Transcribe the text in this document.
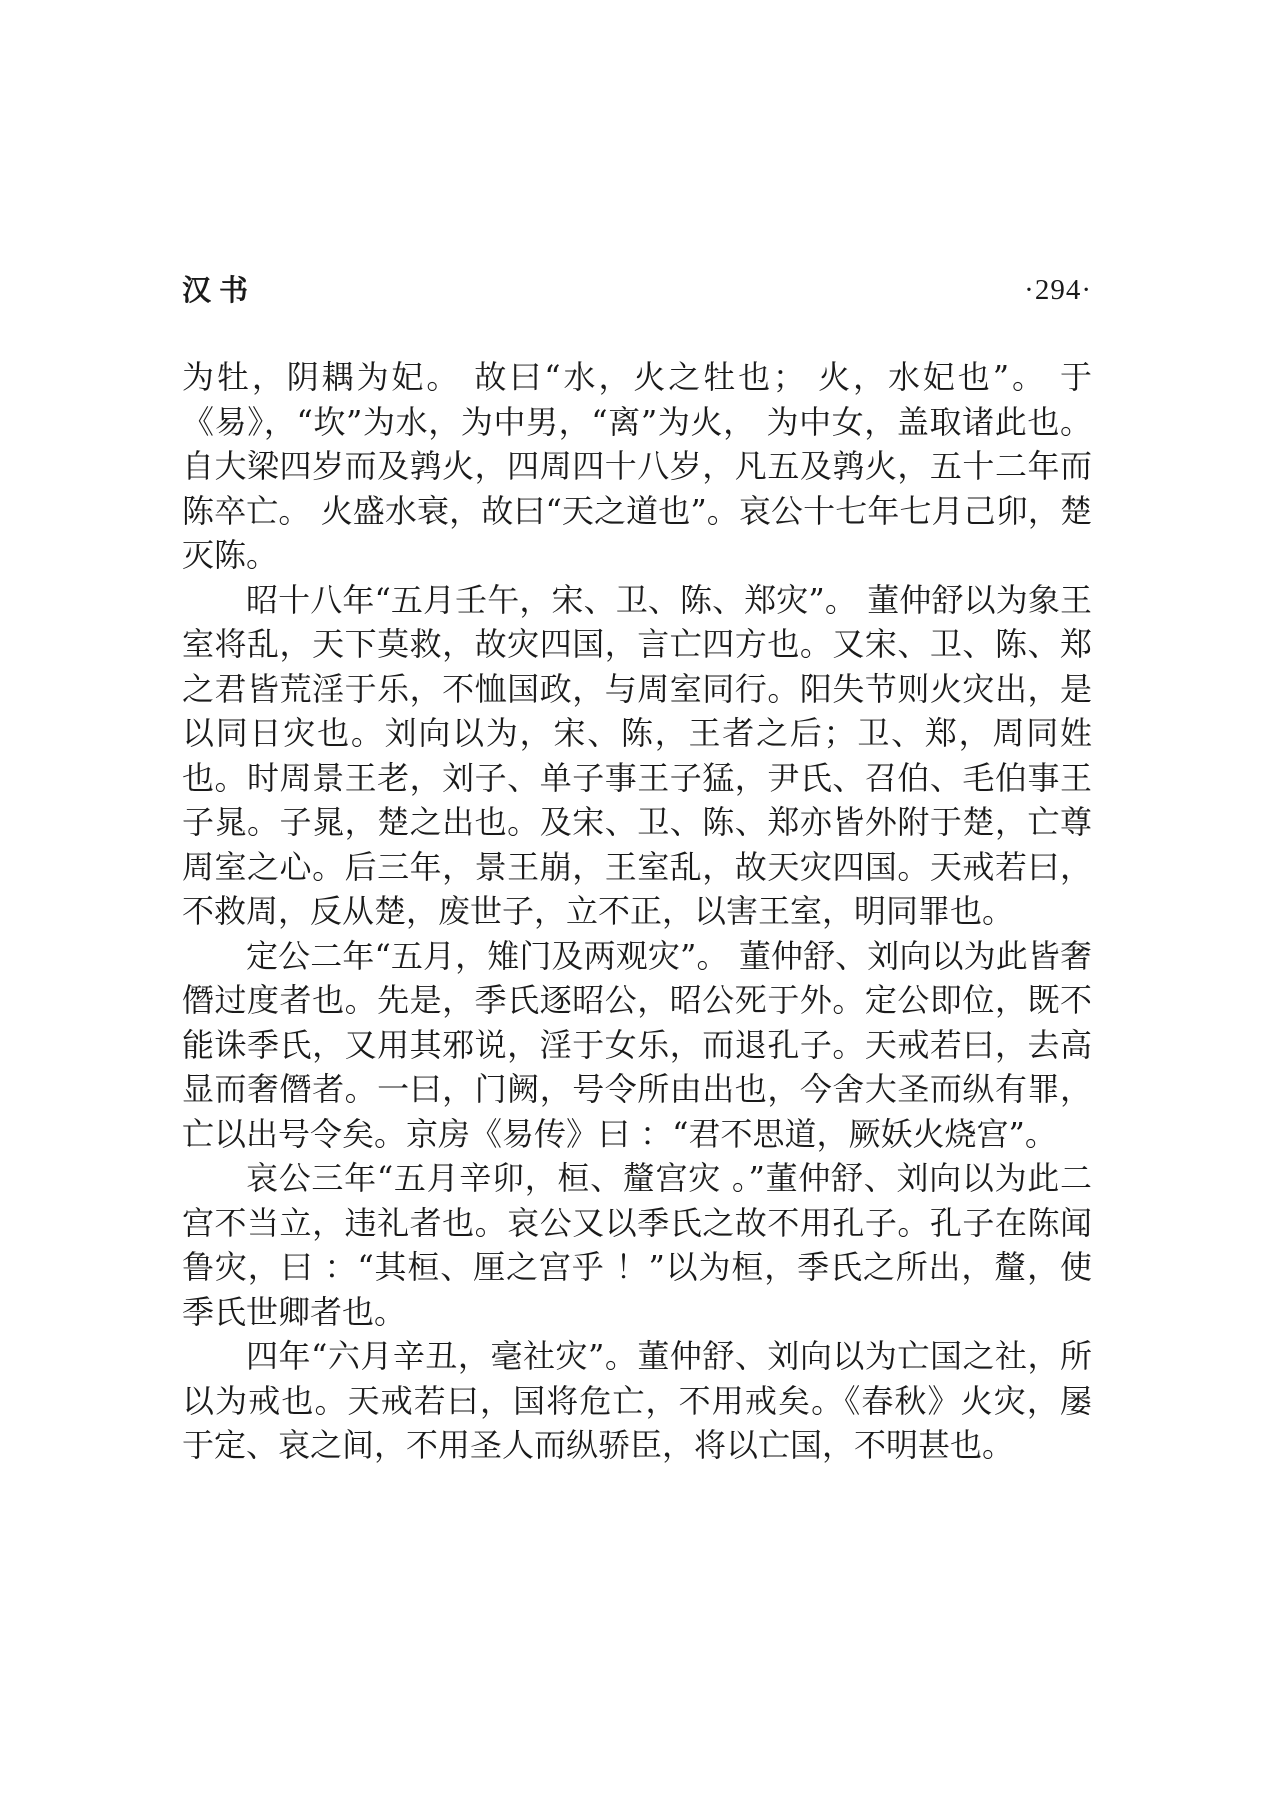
汉书	·294·

为牡，阴耦为妃。 故曰“水，火之牡也； 火，水妃也”。 于《易》，“坎”为水，为中男，“离”为火， 为中女，盖取诸此也。自大梁四岁而及鹑火，四周四十八岁，凡五及鹑火，五十二年而陈卒亡。 火盛水衰，故曰“天之道也”。哀公十七年七月己卯，楚灭陈。

昭十八年“五月壬午，宋、卫、陈、郑灾”。 董仲舒以为象王室将乱，天下莫救，故灾四国，言亡四方也。又宋、卫、陈、郑之君皆荒淫于乐，不恤国政，与周室同行。阳失节则火灾出，是以同日灾也。刘向以为，宋、陈，王者之后；卫、郑，周同姓也。时周景王老，刘子、单子事王子猛，尹氏、召伯、毛伯事王子晁。子晁，楚之出也。及宋、卫、陈、郑亦皆外附于楚，亡尊周室之心。后三年，景王崩，王室乱，故天灾四国。天戒若曰，不救周，反从楚，废世子，立不正，以害王室，明同罪也。

定公二年“五月，雉门及两观灾”。 董仲舒、刘向以为此皆奢僭过度者也。先是，季氏逐昭公，昭公死于外。定公即位，既不能诛季氏，又用其邪说，淫于女乐，而退孔子。天戒若曰，去高显而奢僭者。一曰，门阙，号令所由出也，今舍大圣而纵有罪，亡以出号令矣。京房《易传》曰 ：“君不思道，厥妖火烧宫”。

哀公三年“五月辛卯，桓、釐宫灾 。”董仲舒、刘向以为此二宫不当立，违礼者也。哀公又以季氏之故不用孔子。孔子在陈闻鲁灾，曰 ：“其桓、厘之宫乎 ！”以为桓，季氏之所出，釐，使季氏世卿者也。

四年“六月辛丑，毫社灾”。董仲舒、刘向以为亡国之社，所以为戒也。天戒若曰，国将危亡，不用戒矣。《春秋》火灾，屡于定、哀之间，不用圣人而纵骄臣，将以亡国，不明甚也。
